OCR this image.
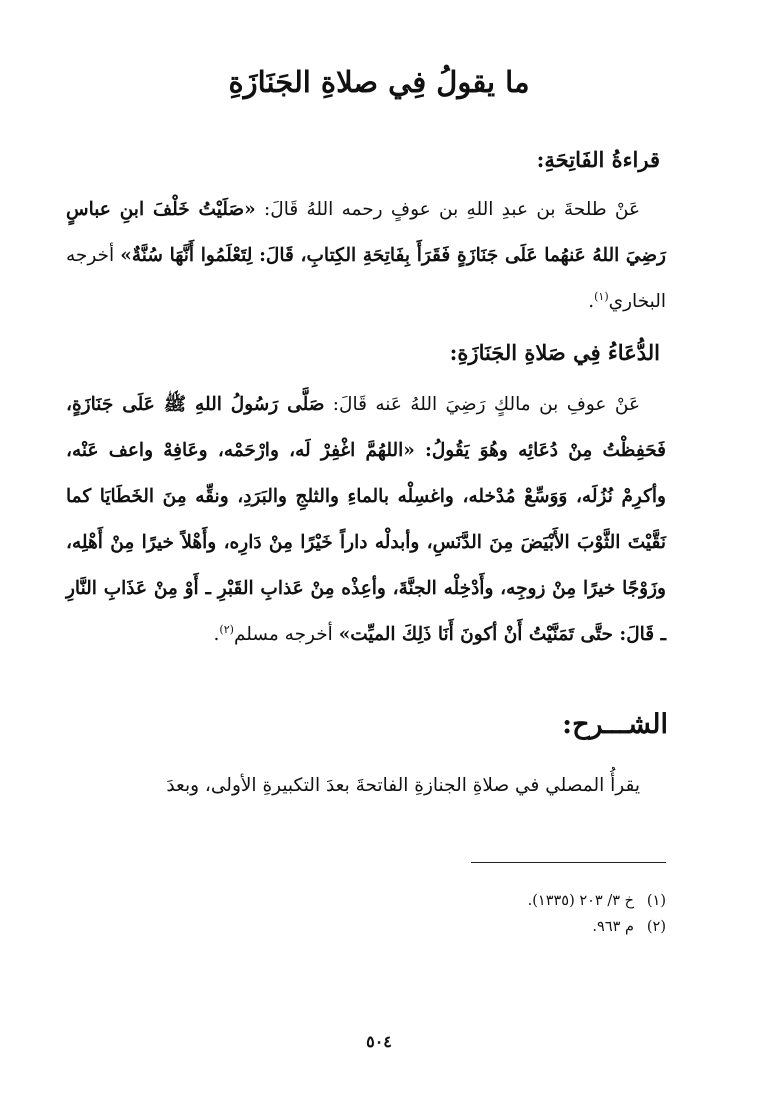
ما يقولُ فِي صلاةِ الجَنَازَةِ
قراءةُ الفَاتِحَةِ:

عَنْ طلحةَ بن عبدِ اللهِ بن عوفٍ رحمه اللهُ قَالَ: «صَلَيْتُ خَلْفَ ابنِ عباسٍ رَضِيَ اللهُ عَنهُما عَلَى جَنَازَةٍ فَقَرَأَ بِفَاتِحَةِ الكِتابِ، قَالَ: لِتَعْلَمُوا أَنَّهَا سُنَّةٌ» أخرجه البخاري$^{(١)}$.

الدُّعَاءُ فِي صَلاةِ الجَنَازَةِ:

عَنْ عوفِ بن مالكٍ رَضِيَ اللهُ عَنه قَالَ: صَلَّى رَسُولُ اللهِ ﷺ عَلَى جَنَازَةٍ، فَحَفِظْتُ مِنْ دُعَائِه وهُوَ يَقُولُ: «اللهُمَّ اغْفِرْ لَه، وارْحَمْه، وعَافِهْ واعف عَنْه، وأكرِمْ نُزُلَه، وَوَسِّعْ مُدْخله، واغسِلْه بالماءِ والثلجِ والبَرَدِ، ونقِّه مِنَ الخَطَايَا كما نَقَّيْتَ الثَّوْبَ الأَبْيَضَ مِنَ الدَّنَسِ، وأبدلْه داراً خَيْرًا مِنْ دَارِه، وأَهْلاً خيرًا مِنْ أَهْلِه، وزَوْجًا خيرًا مِنْ زوجِه، وأَدْخِلْه الجنَّةَ، وأعِذْه مِنْ عَذابِ القَبْرِ ـ أَوْ مِنْ عَذَابِ النَّارِ ـ قَالَ: حتَّى تَمَنَّيْتُ أَنْ أكونَ أَنَا ذَلِكَ الميِّت» أخرجه مسلم$^{(٢)}$.

الشـــرح:

يقرأُ المصلي في صلاةِ الجنازةِ الفاتحةَ بعدَ التكبيرةِ الأولى، وبعدَ

(١)خ ٣/ ٢٠٣ (١٣٣٥).
(٢)م ٩٦٣.
٥٠٤
